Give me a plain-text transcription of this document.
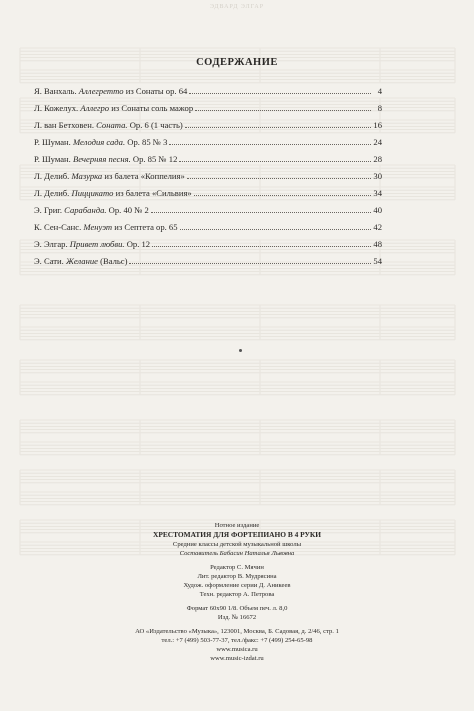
ЭДВАРД ЭЛГАР
СОДЕРЖАНИЕ
Я. Ванхаль. Аллегретто из Сонаты ор. 64	4
Л. Кожелух. Аллегро из Сонаты соль мажор	8
Л. ван Бетховен. Соната. Ор. 6 (1 часть)	16
Р. Шуман. Мелодия сада. Ор. 85 № 3	24
Р. Шуман. Вечерняя песня. Ор. 85 № 12	28
Л. Делиб. Мазурка из балета «Коппелия»	30
Л. Делиб. Пиццикато из балета «Сильвия»	34
Э. Григ. Сарабанда. Ор. 40 № 2	40
К. Сен-Санс. Менуэт из Септета ор. 65	42
Э. Элгар. Привет любви. Ор. 12	48
Э. Сати. Желание (Вальс)	54
Нотное издание
ХРЕСТОМАТИЯ ДЛЯ ФОРТЕПИАНО В 4 РУКИ
Средние классы детской музыкальной школы
Составитель Бабасин Наталья Львовна
Редактор С. Мячин
Лит. редактор В. Мудрясина
Худож. оформление серии Д. Аникеев
Техн. редактор А. Петрова
Формат 60х90 1/8. Объем печ. л. 8,0
Изд. № 16672
АО «Издательство «Музыка», 123001, Москва, Б. Садовая, д. 2/46, стр. 1
тел.: +7 (499) 503-77-37, тел./факс: +7 (499) 254-65-98
www.musica.ru
www.music-izdat.ru
